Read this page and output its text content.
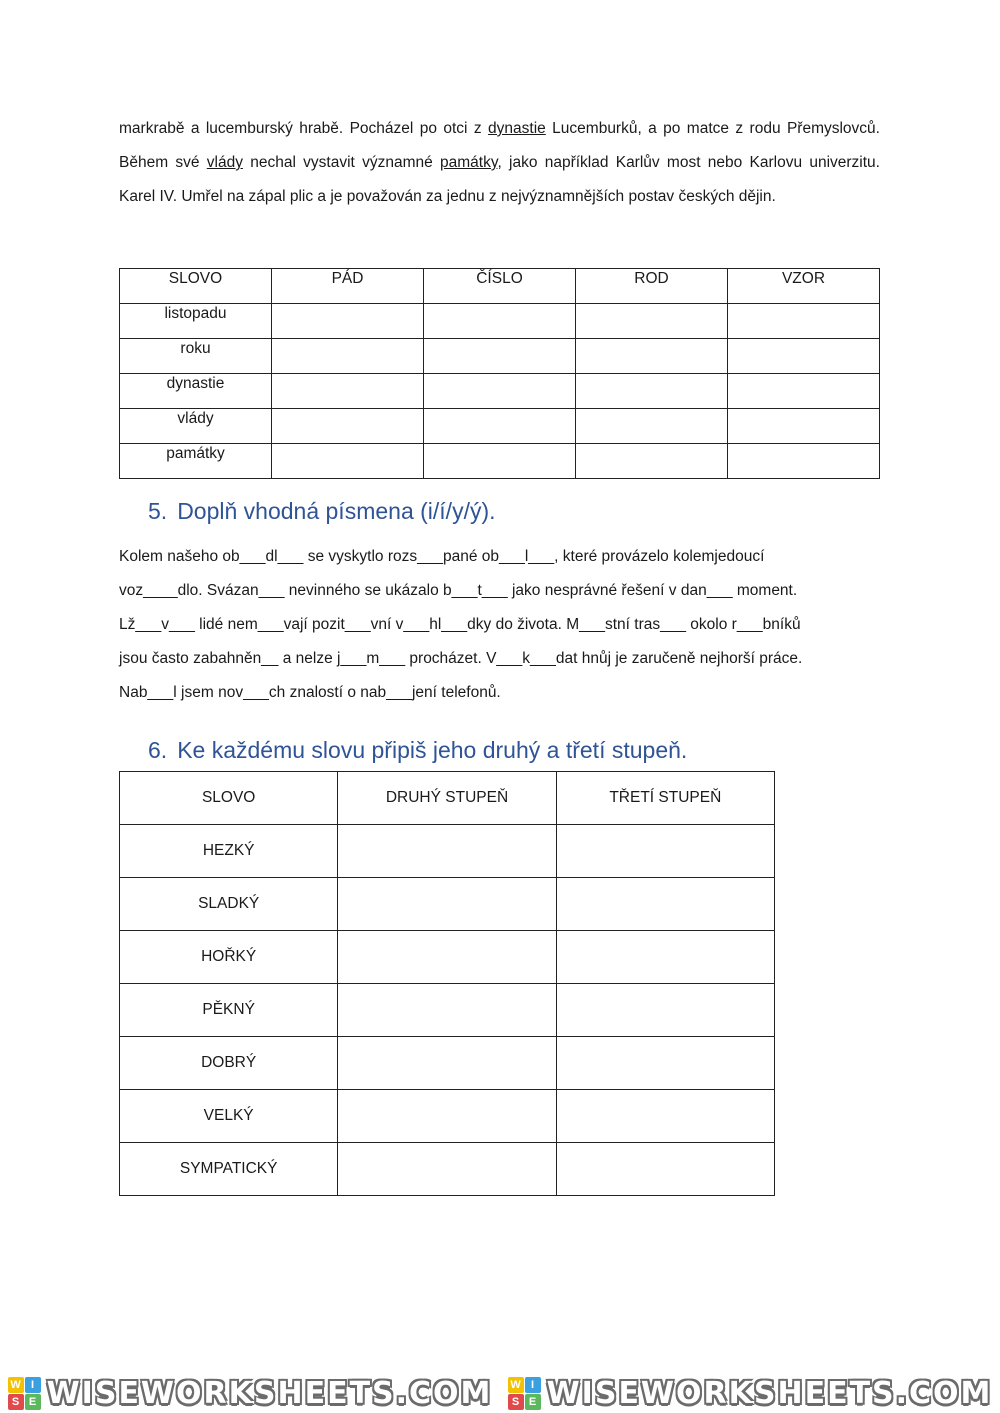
markrabě a lucemburský hrabě. Pocházel po otci z dynastie Lucemburků, a po matce z rodu Přemyslovců. Během své vlády nechal vystavit významné památky, jako například Karlův most nebo Karlovu univerzitu. Karel IV. Umřel na zápal plic a je považován za jednu z nejvýznamnějších postav českých dějin.

SLOVO	PÁD	ČÍSLO	ROD	VZOR
listopadu				
roku				
dynastie				
vlády				
památky				
5. Doplň vhodná písmena (i/í/y/ý).

Kolem našeho ob___dl___ se vyskytlo rozs___pané ob___l___, které provázelo kolemjedoucí

voz____dlo. Svázan___ nevinného se ukázalo b___t___ jako nesprávné řešení v dan___ moment.

Lž___v___ lidé nem___vají pozit___vní v___hl___dky do života. M___stní tras___ okolo r___bníků

jsou často zabahněn__ a nelze j___m___ procházet. V___k___dat hnůj je zaručeně nejhorší práce.

Nab___l jsem nov___ch znalostí o nab___jení telefonů.

6. Ke každému slovu připiš jeho druhý a třetí stupeň.
SLOVO	DRUHÝ STUPEŇ	TŘETÍ STUPEŇ
HEZKÝ		
SLADKÝ		
HOŘKÝ		
PĚKNÝ		
DOBRÝ		
VELKÝ		
SYMPATICKÝ		
W I
S E WISEWORKSHEETS.COM W I
S E WISEWORKSHEETS.COM
